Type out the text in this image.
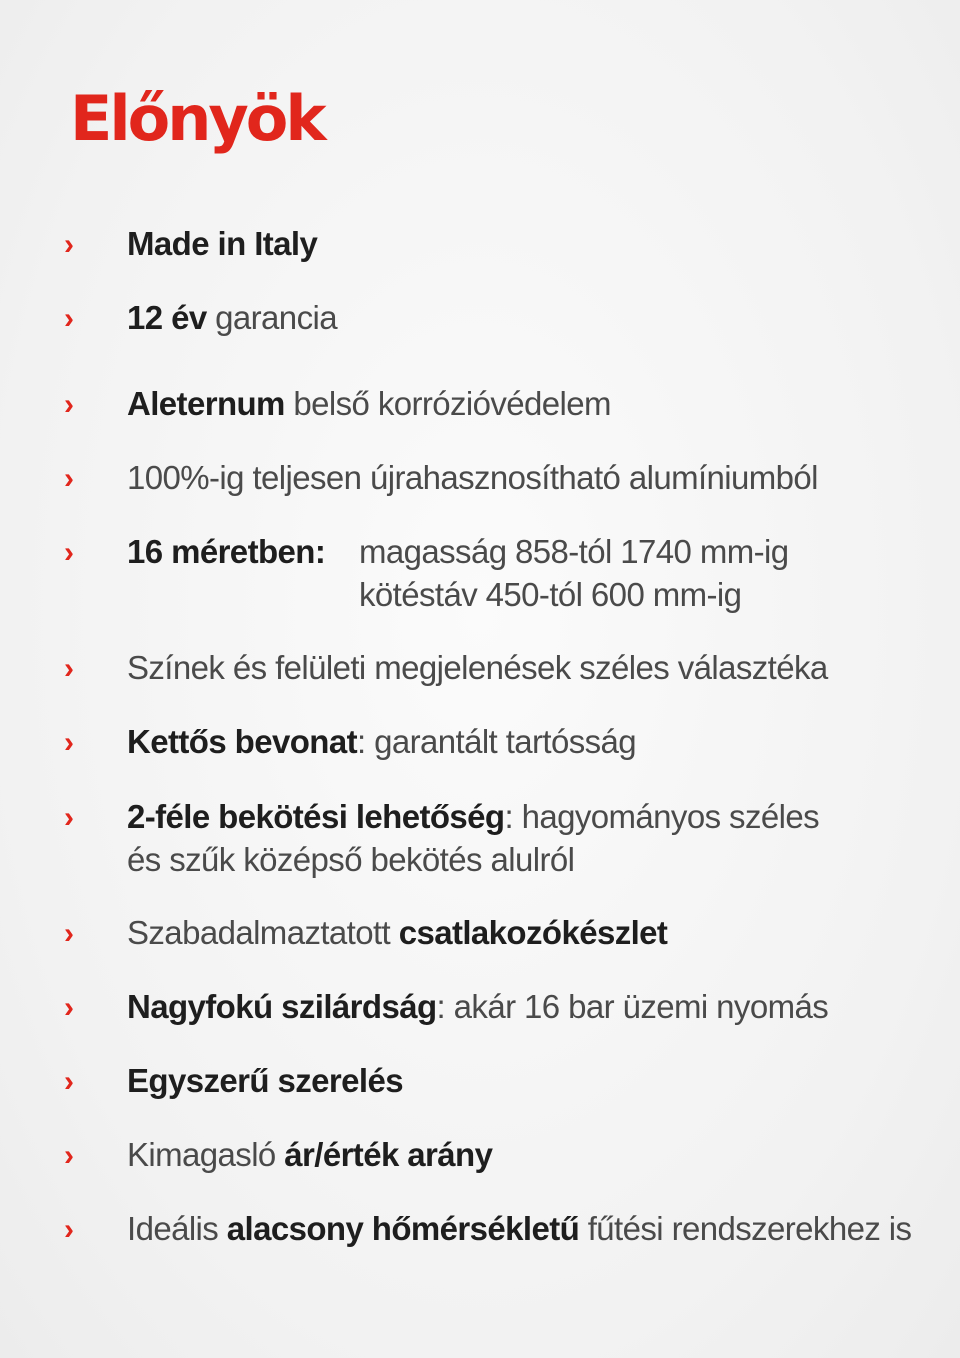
Előnyök
› Made in Italy
› 12 év garancia
› Aleternum belső korrózióvédelem
› 100%-ig teljesen újrahasznosítható alumíniumból
› 16 méretben: magasság 858-tól 1740 mm-ig
kötéstáv 450-tól 600 mm-ig
› Színek és felületi megjelenések széles választéka
› Kettős bevonat: garantált tartósság
› 2-féle bekötési lehetőség: hagyományos széles
és szűk középső bekötés alulról
› Szabadalmaztatott csatlakozókészlet
› Nagyfokú szilárdság: akár 16 bar üzemi nyomás
› Egyszerű szerelés
› Kimagasló ár/érték arány
› Ideális alacsony hőmérsékletű fűtési rendszerekhez is
